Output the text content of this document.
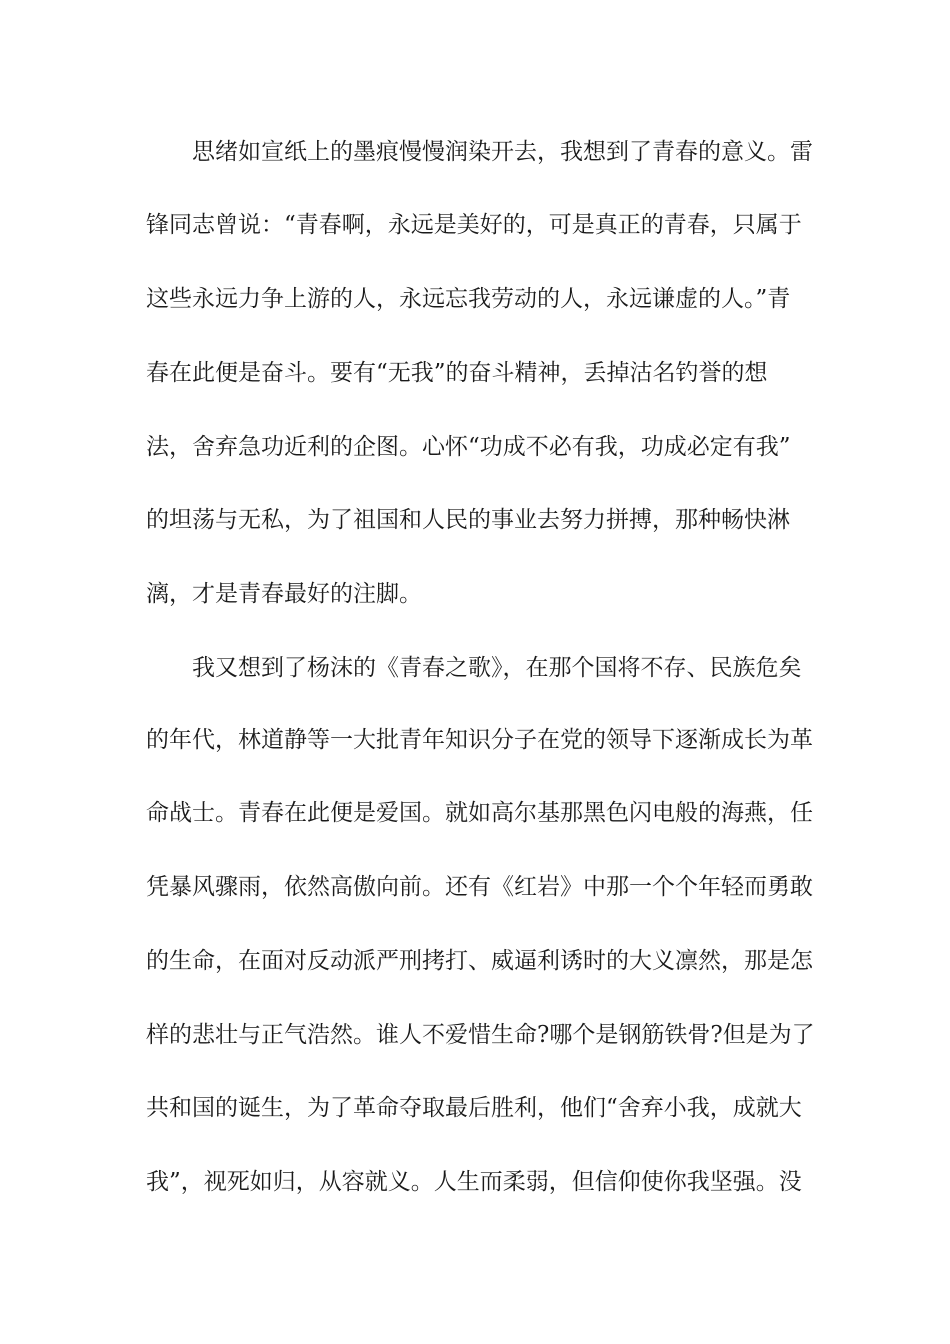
思绪如宣纸上的墨痕慢慢润染开去，我想到了青春的意义。雷
锋同志曾说：“青春啊，永远是美好的，可是真正的青春，只属于
这些永远力争上游的人，永远忘我劳动的人，永远谦虚的人。”青
春在此便是奋斗。要有“无我”的奋斗精神，丢掉沽名钓誉的想
法，舍弃急功近利的企图。心怀“功成不必有我，功成必定有我”
的坦荡与无私，为了祖国和人民的事业去努力拼搏，那种畅快淋
漓，才是青春最好的注脚。
我又想到了杨沫的《青春之歌》，在那个国将不存、民族危矣
的年代，林道静等一大批青年知识分子在党的领导下逐渐成长为革
命战士。青春在此便是爱国。就如高尔基那黑色闪电般的海燕，任
凭暴风骤雨，依然高傲向前。还有《红岩》中那一个个年轻而勇敢
的生命，在面对反动派严刑拷打、威逼利诱时的大义凛然，那是怎
样的悲壮与正气浩然。谁人不爱惜生命?哪个是钢筋铁骨?但是为了
共和国的诞生，为了革命夺取最后胜利，他们“舍弃小我，成就大
我”，视死如归，从容就义。人生而柔弱，但信仰使你我坚强。没
